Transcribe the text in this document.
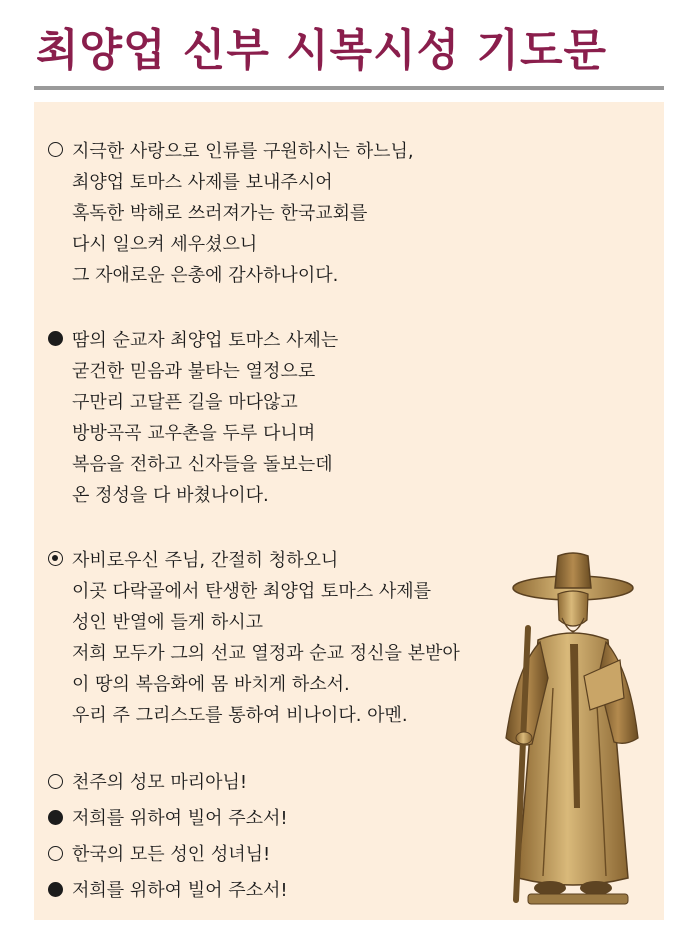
최양업 신부 시복시성 기도문
지극한 사랑으로 인류를 구원하시는 하느님,
최양업 토마스 사제를 보내주시어
혹독한 박해로 쓰러져가는 한국교회를
다시 일으켜 세우셨으니
그 자애로운 은총에 감사하나이다.
땀의 순교자 최양업 토마스 사제는
굳건한 믿음과 불타는 열정으로
구만리 고달픈 길을 마다않고
방방곡곡 교우촌을 두루 다니며
복음을 전하고 신자들을 돌보는데
온 정성을 다 바쳤나이다.
자비로우신 주님, 간절히 청하오니
이곳 다락골에서 탄생한 최양업 토마스 사제를
성인 반열에 들게 하시고
저희 모두가 그의 선교 열정과 순교 정신을 본받아
이 땅의 복음화에 몸 바치게 하소서.
우리 주 그리스도를 통하여 비나이다. 아멘.
천주의 성모 마리아님!
저희를 위하여 빌어 주소서!
한국의 모든 성인 성녀님!
저희를 위하여 빌어 주소서!
